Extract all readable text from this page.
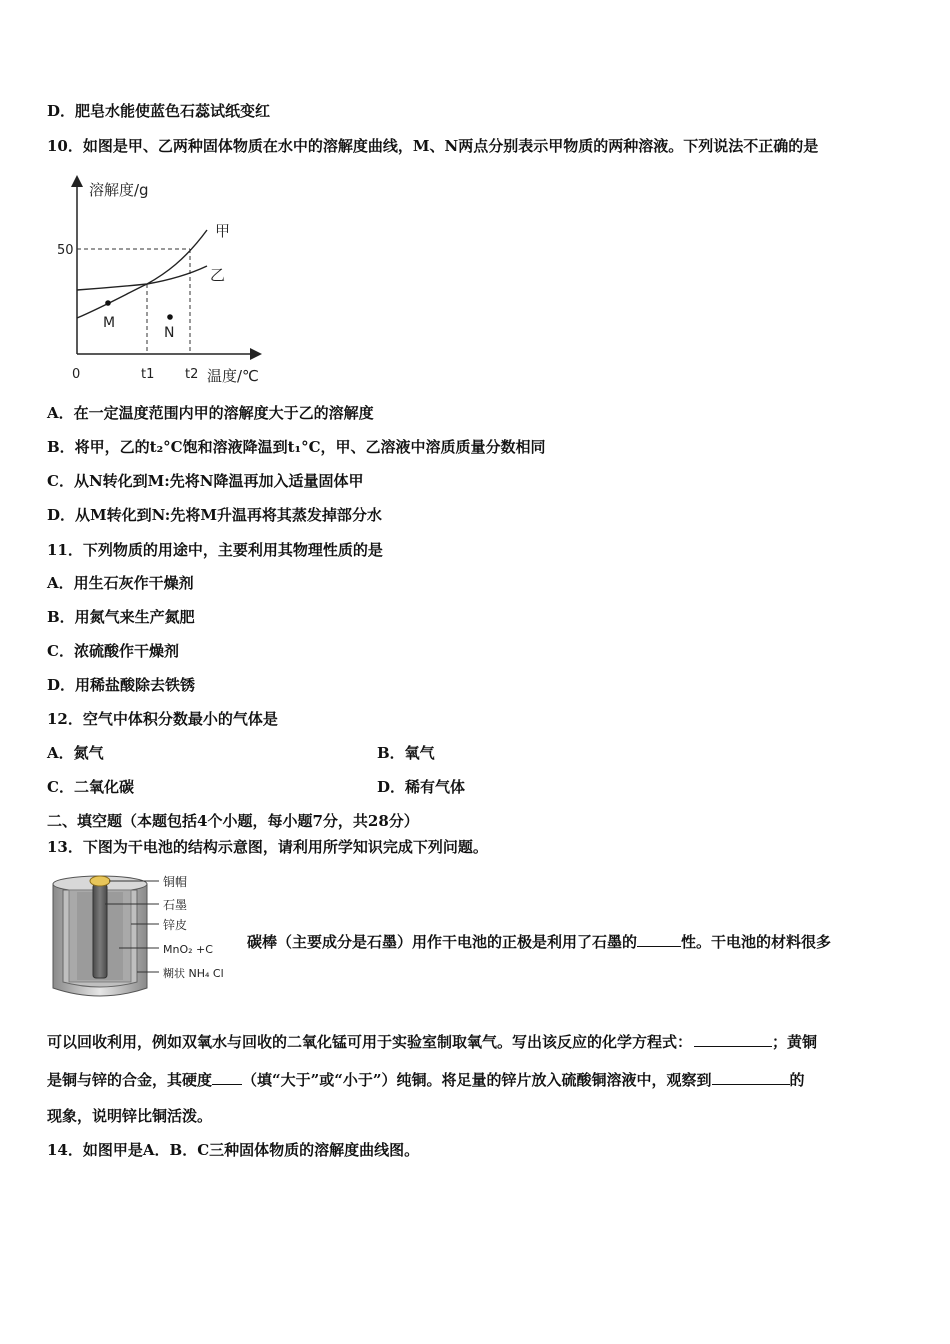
D．肥皂水能使蓝色石蕊试纸变红
10．如图是甲、乙两种固体物质在水中的溶解度曲线，M、N两点分别表示甲物质的两种溶液。下列说法不正确的是
溶解度/g
温度/℃
50
甲
乙
M
N
0	t1 t2
A．在一定温度范围内甲的溶解度大于乙的溶解度
B．将甲，乙的t₂°C饱和溶液降温到t₁°C，甲、乙溶液中溶质质量分数相同
C．从N转化到M:先将N降温再加入适量固体甲
D．从M转化到N:先将M升温再将其蒸发掉部分水
11．下列物质的用途中，主要利用其物理性质的是
A．用生石灰作干燥剂
B．用氮气来生产氮肥
C．浓硫酸作干燥剂
D．用稀盐酸除去铁锈
12．空气中体积分数最小的气体是
A．氮气	B．氧气
C．二氧化碳	D．稀有气体
二、填空题（本题包括4个小题，每小题7分，共28分）
13．下图为干电池的结构示意图，请利用所学知识完成下列问题。
铜帽
石墨
锌皮
MnO₂ +C
糊状 NH₄ Cl
碳棒（主要成分是石墨）用作干电池的正极是利用了石墨的	性。干电池的材料很多
可以回收利用，例如双氧水与回收的二氧化锰可用于实验室制取氧气。写出该反应的化学方程式：	；黄铜
是铜与锌的合金，其硬度 （填“大于”或“小于”）纯铜。将足量的锌片放入硫酸铜溶液中，观察到	的
现象，说明锌比铜活泼。
14．如图甲是A．B．C三种固体物质的溶解度曲线图。
